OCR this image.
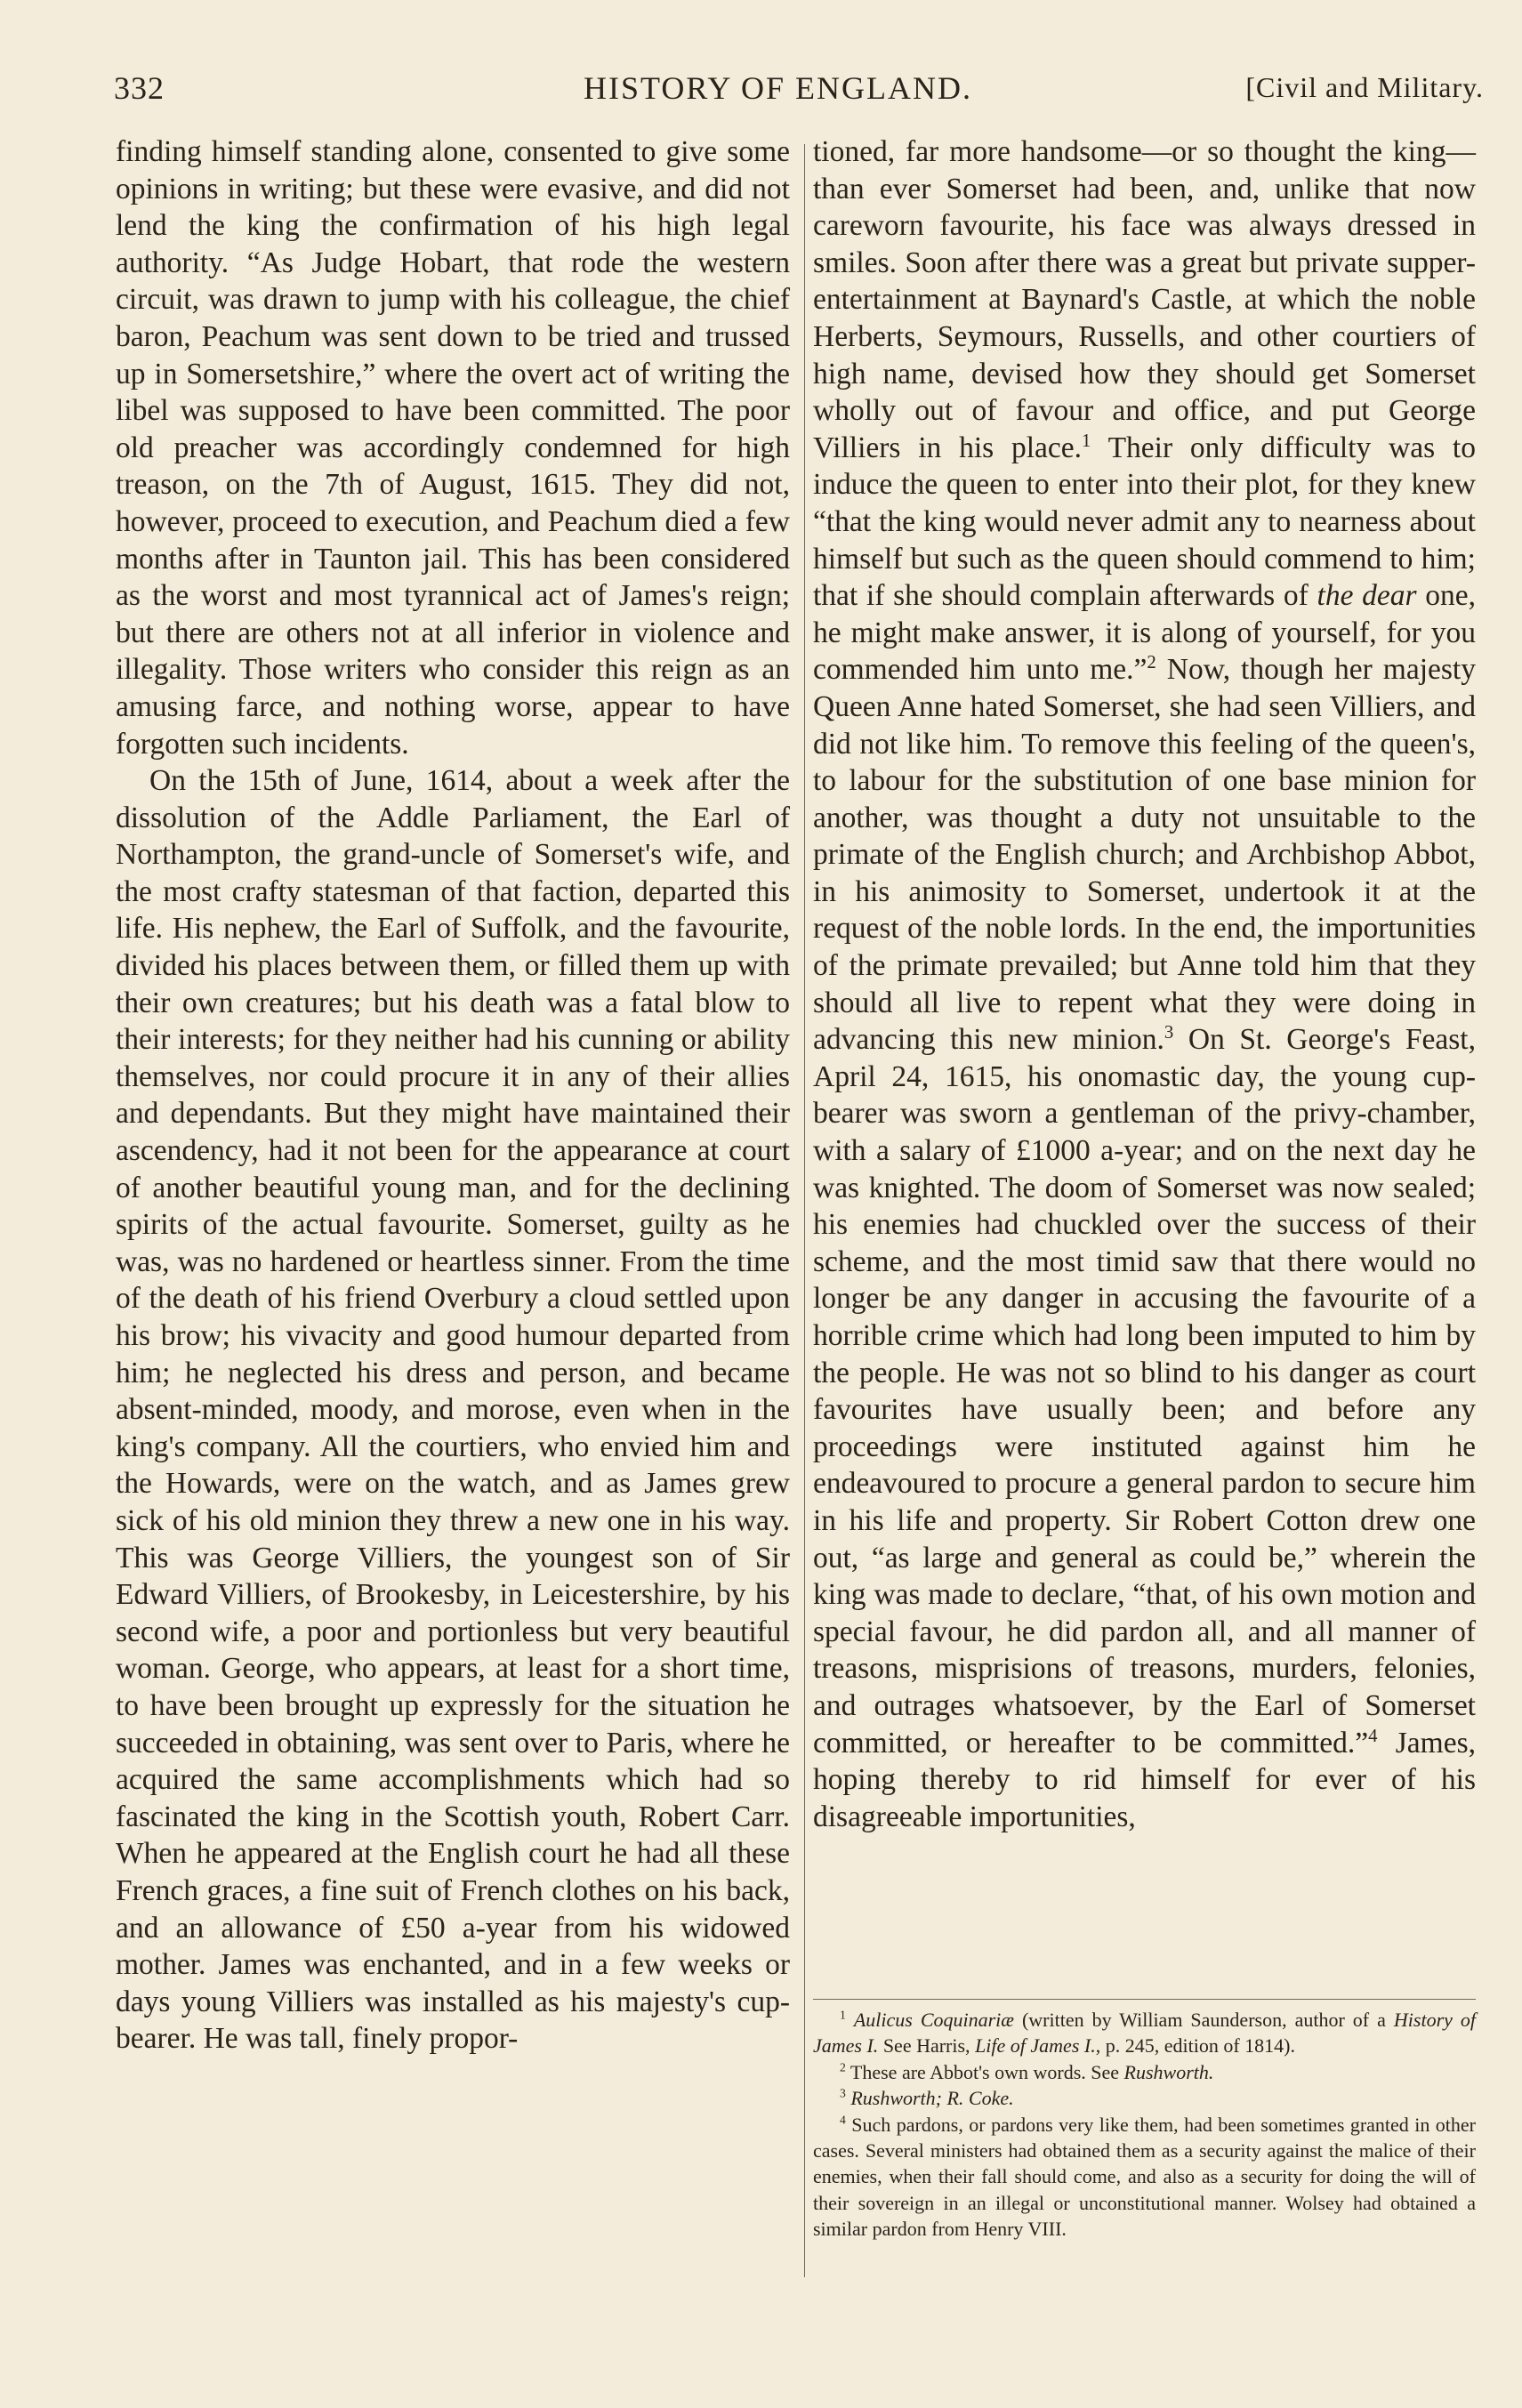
332	HISTORY OF ENGLAND.	[Civil and Military.

finding himself standing alone, consented to give some opinions in writing; but these were evasive, and did not lend the king the confirmation of his high legal authority. “As Judge Hobart, that rode the western circuit, was drawn to jump with his colleague, the chief baron, Peachum was sent down to be tried and trussed up in Somersetshire,” where the overt act of writing the libel was supposed to have been committed. The poor old preacher was accordingly condemned for high treason, on the 7th of August, 1615. They did not, however, proceed to execution, and Peachum died a few months after in Taunton jail. This has been considered as the worst and most tyrannical act of James's reign; but there are others not at all inferior in violence and illegality. Those writers who consider this reign as an amusing farce, and nothing worse, appear to have forgotten such incidents.

On the 15th of June, 1614, about a week after the dissolution of the Addle Parliament, the Earl of Northampton, the grand-uncle of Somerset's wife, and the most crafty statesman of that faction, departed this life. His nephew, the Earl of Suffolk, and the favourite, divided his places between them, or filled them up with their own creatures; but his death was a fatal blow to their interests; for they neither had his cunning or ability themselves, nor could procure it in any of their allies and dependants. But they might have maintained their ascendency, had it not been for the appearance at court of another beautiful young man, and for the declining spirits of the actual favourite. Somerset, guilty as he was, was no hardened or heartless sinner. From the time of the death of his friend Overbury a cloud settled upon his brow; his vivacity and good humour departed from him; he neglected his dress and person, and became absent-minded, moody, and morose, even when in the king's company. All the courtiers, who envied him and the Howards, were on the watch, and as James grew sick of his old minion they threw a new one in his way. This was George Villiers, the youngest son of Sir Edward Villiers, of Brookesby, in Leicestershire, by his second wife, a poor and portionless but very beautiful woman. George, who appears, at least for a short time, to have been brought up expressly for the situation he succeeded in obtaining, was sent over to Paris, where he acquired the same accomplishments which had so fascinated the king in the Scottish youth, Robert Carr. When he appeared at the English court he had all these French graces, a fine suit of French clothes on his back, and an allowance of £50 a-year from his widowed mother. James was enchanted, and in a few weeks or days young Villiers was installed as his majesty's cup-bearer. He was tall, finely propor-

tioned, far more handsome—or so thought the king—than ever Somerset had been, and, unlike that now careworn favourite, his face was always dressed in smiles. Soon after there was a great but private supper-entertainment at Baynard's Castle, at which the noble Herberts, Seymours, Russells, and other courtiers of high name, devised how they should get Somerset wholly out of favour and office, and put George Villiers in his place.$^1$ Their only difficulty was to induce the queen to enter into their plot, for they knew “that the king would never admit any to nearness about himself but such as the queen should commend to him; that if she should complain afterwards of the dear one, he might make answer, it is along of yourself, for you commended him unto me.”$^2$ Now, though her majesty Queen Anne hated Somerset, she had seen Villiers, and did not like him. To remove this feeling of the queen's, to labour for the substitution of one base minion for another, was thought a duty not unsuitable to the primate of the English church; and Archbishop Abbot, in his animosity to Somerset, undertook it at the request of the noble lords. In the end, the importunities of the primate prevailed; but Anne told him that they should all live to repent what they were doing in advancing this new minion.$^3$ On St. George's Feast, April 24, 1615, his onomastic day, the young cup-bearer was sworn a gentleman of the privy-chamber, with a salary of £1000 a-year; and on the next day he was knighted. The doom of Somerset was now sealed; his enemies had chuckled over the success of their scheme, and the most timid saw that there would no longer be any danger in accusing the favourite of a horrible crime which had long been imputed to him by the people. He was not so blind to his danger as court favourites have usually been; and before any proceedings were instituted against him he endeavoured to procure a general pardon to secure him in his life and property. Sir Robert Cotton drew one out, “as large and general as could be,” wherein the king was made to declare, “that, of his own motion and special favour, he did pardon all, and all manner of treasons, misprisions of treasons, murders, felonies, and outrages whatsoever, by the Earl of Somerset committed, or hereafter to be committed.”$^4$ James, hoping thereby to rid himself for ever of his disagreeable importunities,

$^1$ Aulicus Coquinariæ (written by William Saunderson, author of a History of James I. See Harris, Life of James I., p. 245, edition of 1814).

$^2$ These are Abbot's own words. See Rushworth.

$^3$ Rushworth; R. Coke.

$^4$ Such pardons, or pardons very like them, had been sometimes granted in other cases. Several ministers had obtained them as a security against the malice of their enemies, when their fall should come, and also as a security for doing the will of their sovereign in an illegal or unconstitutional manner. Wolsey had obtained a similar pardon from Henry VIII.
